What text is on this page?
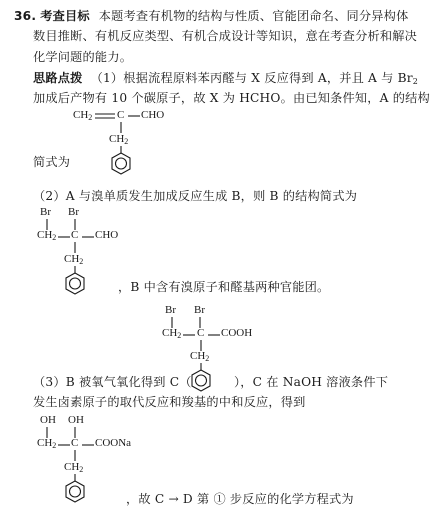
36. 考查目标 本题考查有机物的结构与性质、官能团命名、同分异构体
数目推断、有机反应类型、有机合成设计等知识，意在考查分析和解决
化学问题的能力。
思路点拨 （1）根据流程原料苯丙醛与 X 反应得到 A，并且 A 与 $Br_2$
加成后产物有 10 个碳原子，故 X 为 HCHO。由已知条件知，A 的结构
$CH_2$ C CHO
$CH_2$
简式为
（2）A 与溴单质发生加成反应生成 B，则 B 的结构简式为
Br Br
$CH_2$ C CHO
$CH_2$
，B 中含有溴原子和醛基两种官能团。
Br Br
$CH_2$ C COOH
$CH_2$
（3）B 被氧气氧化得到 C（	），C 在 NaOH 溶液条件下
发生卤素原子的取代反应和羧基的中和反应，得到
OH OH
$CH_2$ C COONa
$CH_2$
，故 C → D 第 ① 步反应的化学方程式为
